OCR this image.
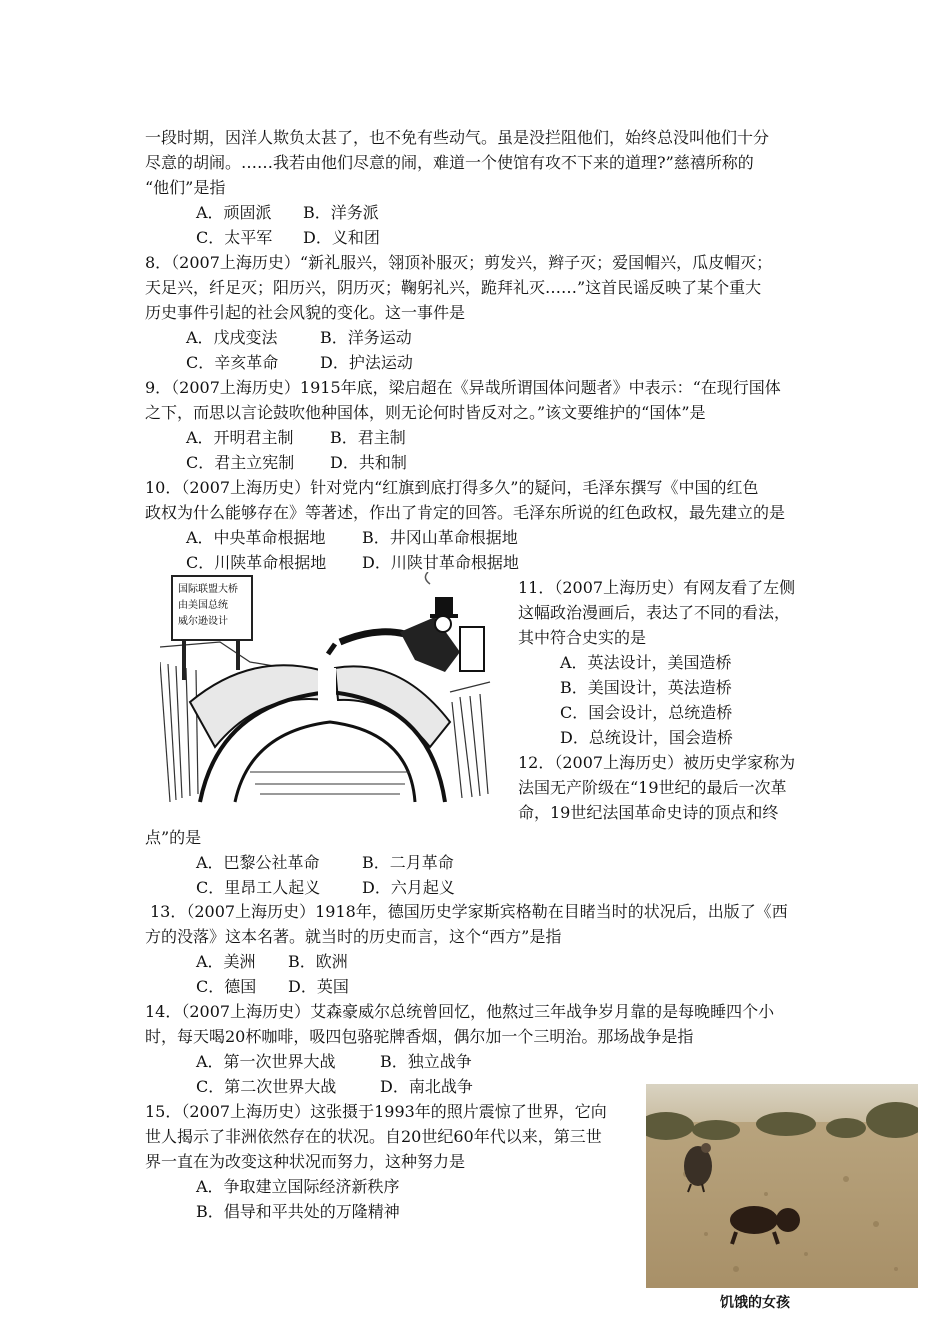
一段时期，因洋人欺负太甚了，也不免有些动气。虽是没拦阻他们，始终总没叫他们十分
尽意的胡闹。……我若由他们尽意的闹，难道一个使馆有攻不下来的道理?”慈禧所称的
“他们”是指
A．顽固派 B．洋务派
C．太平军 D．义和团
8．（2007上海历史）“新礼服兴，翎顶补服灭；剪发兴，辫子灭；爱国帽兴，瓜皮帽灭；
天足兴，纤足灭；阳历兴，阴历灭；鞠躬礼兴，跪拜礼灭……”这首民谣反映了某个重大
历史事件引起的社会风貌的变化。这一事件是
A．戊戌变法	B．洋务运动
C．辛亥革命	D．护法运动
9．（2007上海历史）1915年底，梁启超在《异哉所谓国体问题者》中表示：“在现行国体
之下，而思以言论鼓吹他种国体，则无论何时皆反对之。”该文要维护的“国体”是
A．开明君主制 B．君主制
C．君主立宪制 D．共和制
10．（2007上海历史）针对党内“红旗到底打得多久”的疑问，毛泽东撰写《中国的红色
政权为什么能够存在》等著述，作出了肯定的回答。毛泽东所说的红色政权，最先建立的是
A．中央革命根据地 B．井冈山革命根据地
C．川陕革命根据地 D．川陕甘革命根据地
国际联盟大桥
由美国总统
威尔逊设计
11．（2007上海历史）有网友看了左侧
这幅政治漫画后，表达了不同的看法，
其中符合史实的是
A．英法设计，美国造桥
B．美国设计，英法造桥
C．国会设计，总统造桥
D．总统设计，国会造桥
12．（2007上海历史）被历史学家称为
法国无产阶级在“19世纪的最后一次革
命，19世纪法国革命史诗的顶点和终
点”的是
A．巴黎公社革命	B．二月革命
C．里昂工人起义	D．六月起义
13．（2007上海历史）1918年，德国历史学家斯宾格勒在目睹当时的状况后，出版了《西
方的没落》这本名著。就当时的历史而言，这个“西方”是指
A．美洲 B．欧洲
C．德国 D．英国
14．（2007上海历史）艾森豪威尔总统曾回忆，他熬过三年战争岁月靠的是每晚睡四个小
时，每天喝20杯咖啡，吸四包骆驼牌香烟，偶尔加一个三明治。那场战争是指
A．第一次世界大战	B．独立战争
C．第二次世界大战	D．南北战争
15．（2007上海历史）这张摄于1993年的照片震惊了世界，它向
世人揭示了非洲依然存在的状况。自20世纪60年代以来，第三世
界一直在为改变这种状况而努力，这种努力是
A．争取建立国际经济新秩序
B．倡导和平共处的万隆精神
饥饿的女孩
